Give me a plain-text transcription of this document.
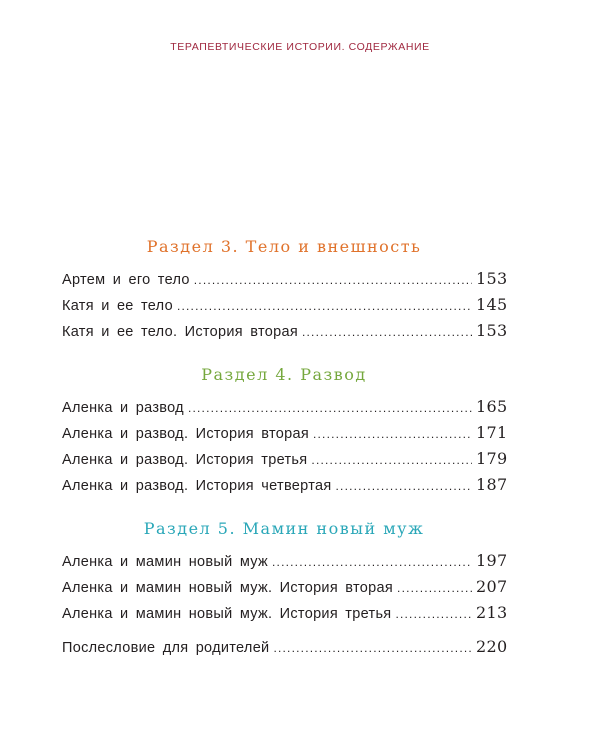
ТЕРАПЕВТИЧЕСКИЕ ИСТОРИИ. СОДЕРЖАНИЕ
Раздел 3. Тело и внешность
Артем и его тело .....	153
Катя и ее тело .....	145
Катя и ее тело. История вторая .....	153
Раздел 4. Развод
Аленка и развод .....	165
Аленка и развод. История вторая .....	171
Аленка и развод. История третья .....	179
Аленка и развод. История четвертая .....	187
Раздел 5. Мамин новый муж
Аленка и мамин новый муж .....	197
Аленка и мамин новый муж. История вторая .....	207
Аленка и мамин новый муж. История третья .....	213
Послесловие для родителей .....	220
